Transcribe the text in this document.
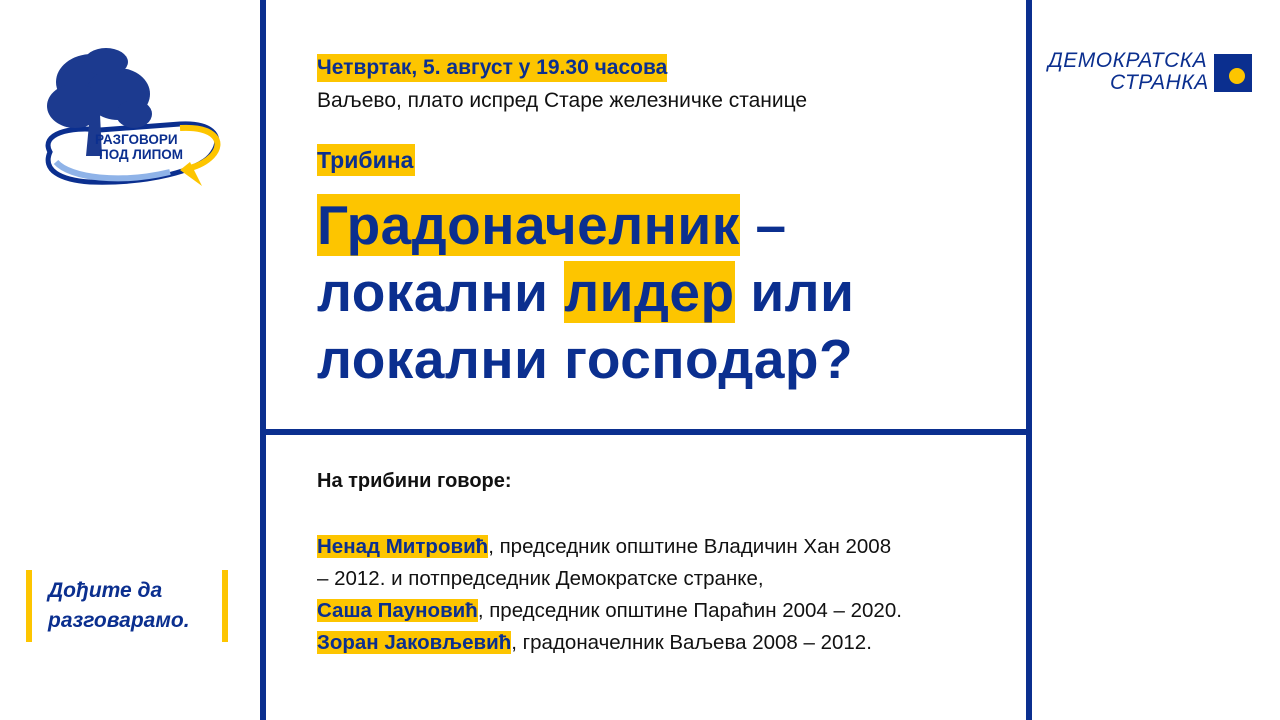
РАЗГОВОРИ
ПОД ЛИПОМ
Четвртак, 5. август у 19.30 часова
Ваљево, плато испред Старе железничке станице
Трибина
Градоначелник –
локални лидер или
локални господар?
На трибини говоре:
Ненад Митровић, председник општине Владичин Хан 2008
– 2012. и потпредседник Демократске странке,
Саша Пауновић, председник општине Параћин 2004 – 2020.
Зоран Јаковљевић, градоначелник Ваљева 2008 – 2012.
ДЕМОКРАТСКА
СТРАНКА
Дођите да
разговарамо.
